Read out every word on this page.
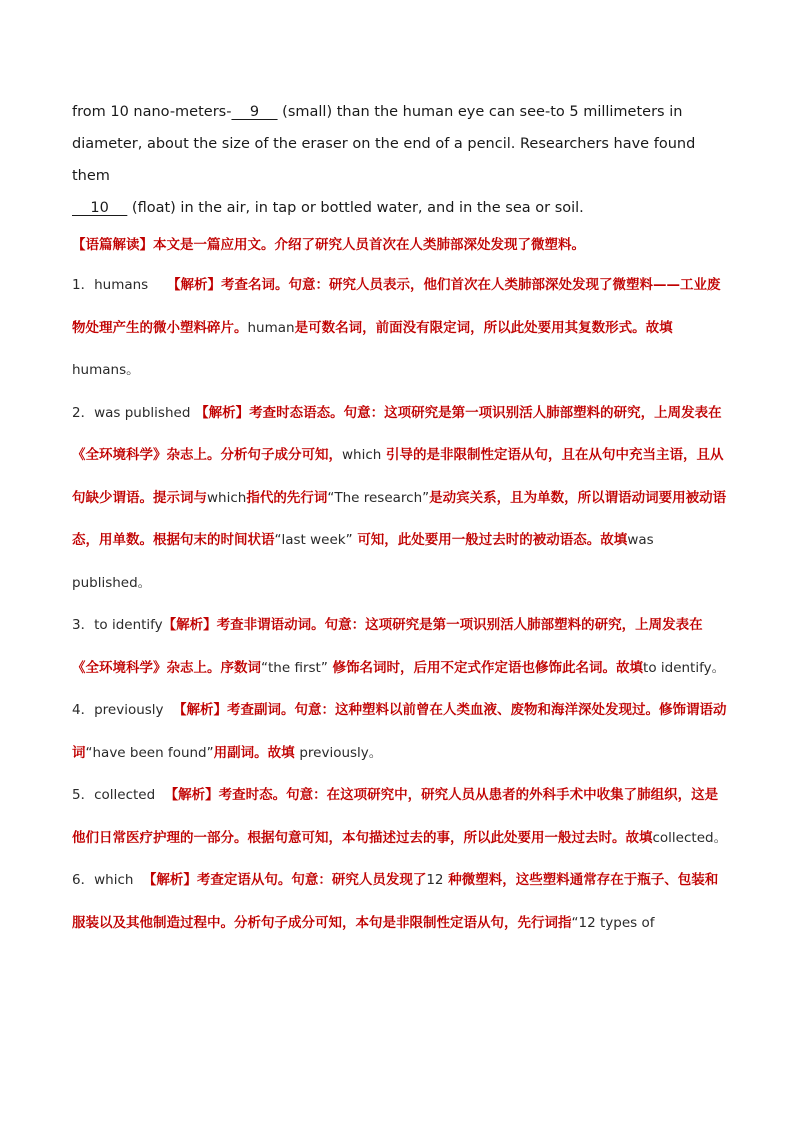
from 10 nano-meters-    9     (small) than the human eye can see-to 5 millimeters in

diameter, about the size of the eraser on the end of a pencil. Researchers have found them

10     (float) in the air, in tap or bottled water, and in the sea or soil.

【语篇解读】本文是一篇应用文。介绍了研究人员首次在人类肺部深处发现了微塑料。

1．humans 【解析】考查名词。句意：研究人员表示，他们首次在人类肺部深处发现了微塑料——工业废物处理产生的微小塑料碎片。human是可数名词，前面没有限定词，所以此处要用其复数形式。故填humans。

2．was published 【解析】考查时态语态。句意：这项研究是第一项识别活人肺部塑料的研究，上周发表在《全环境科学》杂志上。分析句子成分可知，which 引导的是非限制性定语从句，且在从句中充当主语，且从句缺少谓语。提示词与which指代的先行词“The research”是动宾关系，且为单数，所以谓语动词要用被动语态，用单数。根据句末的时间状语“last week” 可知，此处要用一般过去时的被动语态。故填was published。

3．to identify【解析】考查非谓语动词。句意：这项研究是第一项识别活人肺部塑料的研究，上周发表在《全环境科学》杂志上。序数词“the first” 修饰名词时，后用不定式作定语也修饰此名词。故填to identify。

4．previously 【解析】考查副词。句意：这种塑料以前曾在人类血液、废物和海洋深处发现过。修饰谓语动词“have been found”用副词。故填 previously。

5．collected 【解析】考查时态。句意：在这项研究中，研究人员从患者的外科手术中收集了肺组织，这是他们日常医疗护理的一部分。根据句意可知，本句描述过去的事，所以此处要用一般过去时。故填collected。

6．which 【解析】考查定语从句。句意：研究人员发现了12 种微塑料，这些塑料通常存在于瓶子、包装和服装以及其他制造过程中。分析句子成分可知，本句是非限制性定语从句，先行词指“12 types of
